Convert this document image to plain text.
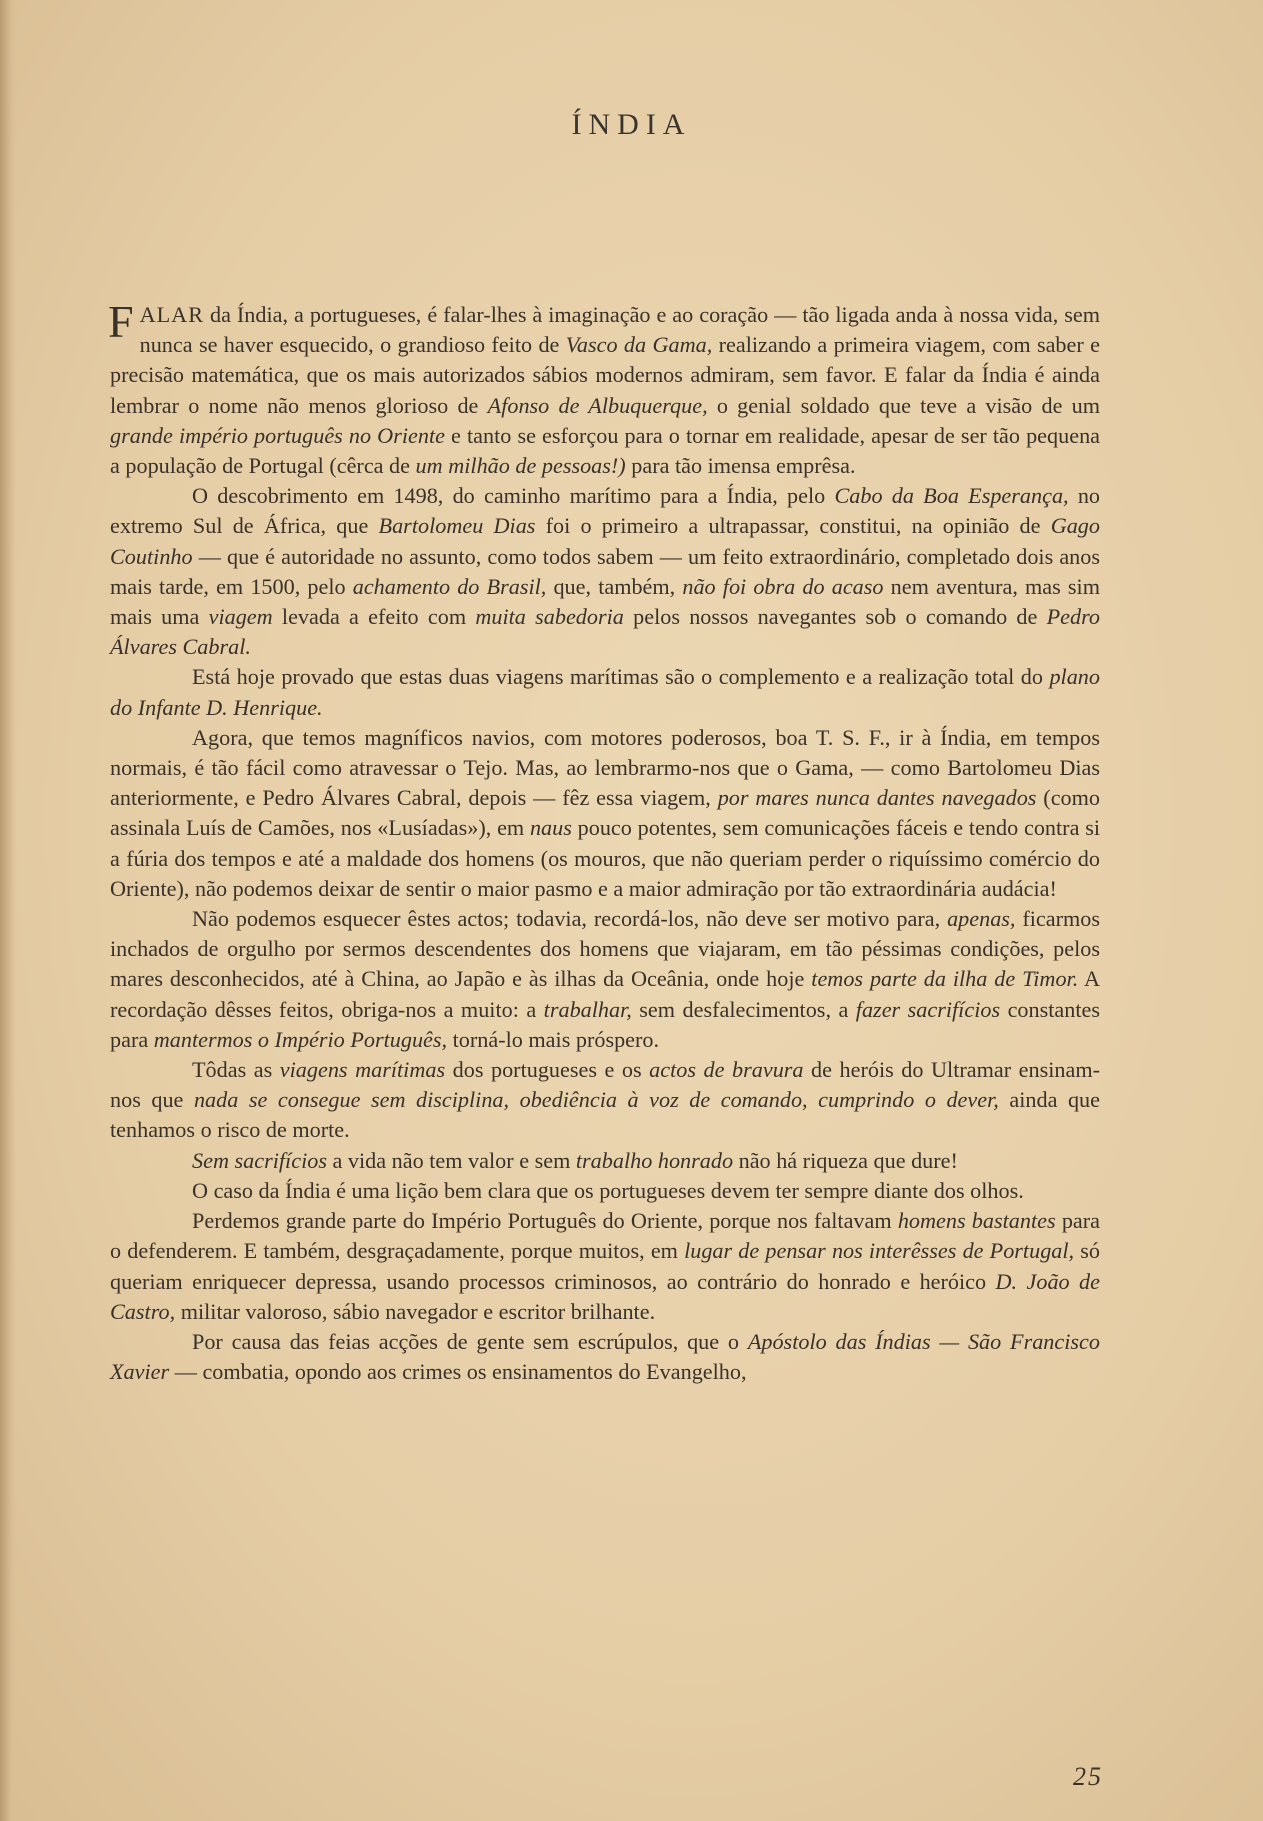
ÍNDIA

FALAR da Índia, a portugueses, é falar-lhes à imaginação e ao coração — tão ligada anda à nossa vida, sem nunca se haver esquecido, o grandioso feito de Vasco da Gama, realizando a primeira viagem, com saber e precisão matemática, que os mais autorizados sábios modernos admiram, sem favor. E falar da Índia é ainda lembrar o nome não menos glorioso de Afonso de Albuquerque, o genial soldado que teve a visão de um grande império português no Oriente e tanto se esforçou para o tornar em realidade, apesar de ser tão pequena a população de Portugal (cêrca de um milhão de pessoas!) para tão imensa emprêsa.

O descobrimento em 1498, do caminho marítimo para a Índia, pelo Cabo da Boa Esperança, no extremo Sul de África, que Bartolomeu Dias foi o primeiro a ultrapassar, constitui, na opinião de Gago Coutinho — que é autoridade no assunto, como todos sabem — um feito extraordinário, completado dois anos mais tarde, em 1500, pelo achamento do Brasil, que, também, não foi obra do acaso nem aventura, mas sim mais uma viagem levada a efeito com muita sabedoria pelos nossos navegantes sob o comando de Pedro Álvares Cabral.

Está hoje provado que estas duas viagens marítimas são o complemento e a realização total do plano do Infante D. Henrique.

Agora, que temos magníficos navios, com motores poderosos, boa T. S. F., ir à Índia, em tempos normais, é tão fácil como atravessar o Tejo. Mas, ao lembrarmo-nos que o Gama, — como Bartolomeu Dias anteriormente, e Pedro Álvares Cabral, depois — fêz essa viagem, por mares nunca dantes navegados (como assinala Luís de Camões, nos «Lusíadas»), em naus pouco potentes, sem comunicações fáceis e tendo contra si a fúria dos tempos e até a maldade dos homens (os mouros, que não queriam perder o riquíssimo comércio do Oriente), não podemos deixar de sentir o maior pasmo e a maior admiração por tão extraordinária audácia!

Não podemos esquecer êstes actos; todavia, recordá-los, não deve ser motivo para, apenas, ficarmos inchados de orgulho por sermos descendentes dos homens que viajaram, em tão péssimas condições, pelos mares desconhecidos, até à China, ao Japão e às ilhas da Oceânia, onde hoje temos parte da ilha de Timor. A recordação dêsses feitos, obriga-nos a muito: a trabalhar, sem desfalecimentos, a fazer sacrifícios constantes para mantermos o Império Português, torná-lo mais próspero.

Tôdas as viagens marítimas dos portugueses e os actos de bravura de heróis do Ultramar ensinam-nos que nada se consegue sem disciplina, obediência à voz de comando, cumprindo o dever, ainda que tenhamos o risco de morte.

Sem sacrifícios a vida não tem valor e sem trabalho honrado não há riqueza que dure!

O caso da Índia é uma lição bem clara que os portugueses devem ter sempre diante dos olhos.

Perdemos grande parte do Império Português do Oriente, porque nos faltavam homens bastantes para o defenderem. E também, desgraçadamente, porque muitos, em lugar de pensar nos interêsses de Portugal, só queriam enriquecer depressa, usando processos criminosos, ao contrário do honrado e heróico D. João de Castro, militar valoroso, sábio navegador e escritor brilhante.

Por causa das feias acções de gente sem escrúpulos, que o Apóstolo das Índias — São Francisco Xavier — combatia, opondo aos crimes os ensinamentos do Evangelho,

25
